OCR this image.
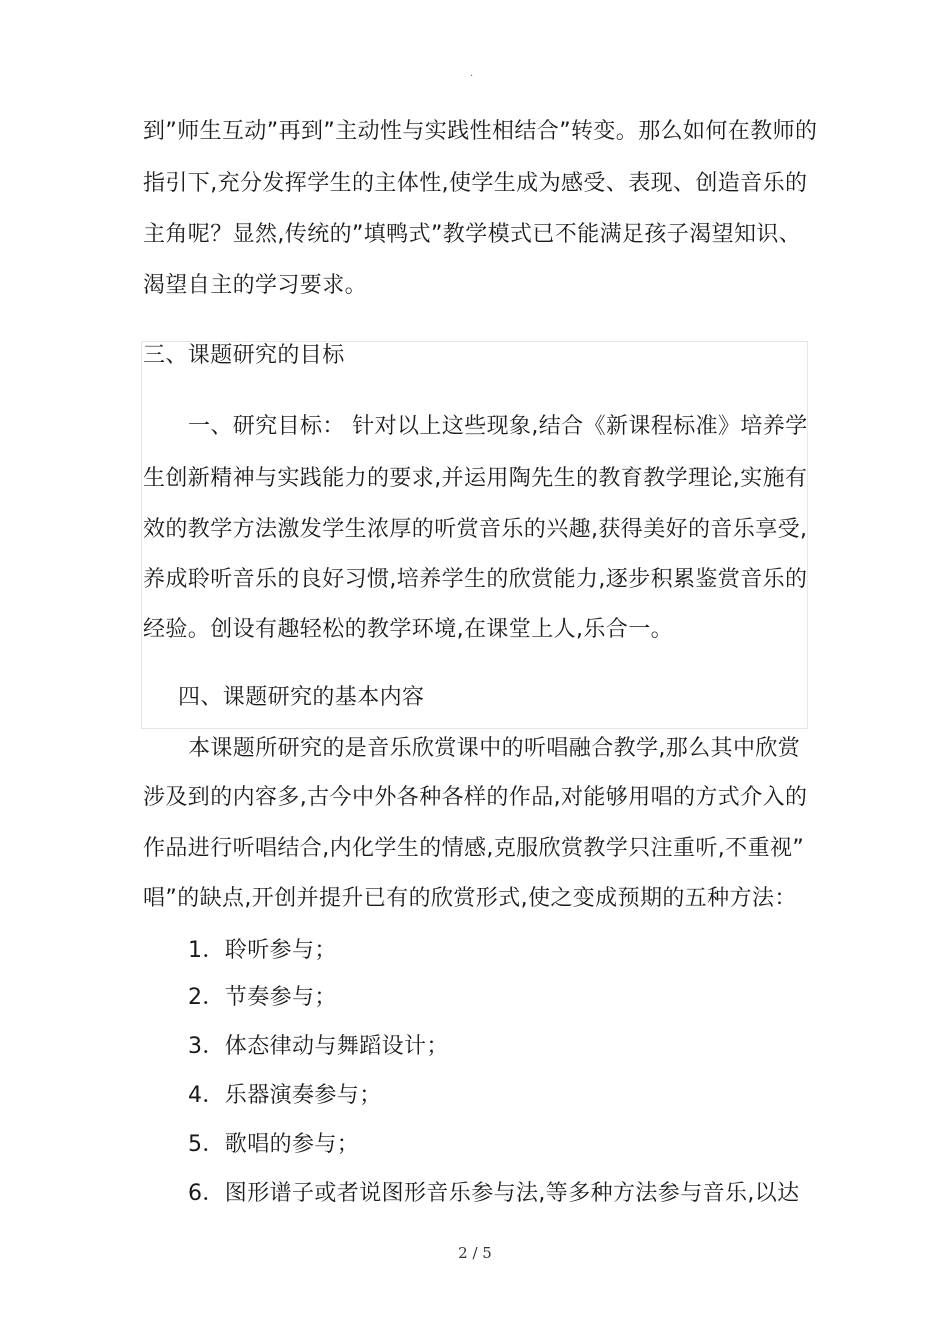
.
到”师生互动”再到”主动性与实践性相结合”转变。那么如何在教师的
指引下,充分发挥学生的主体性,使学生成为感受、表现、创造音乐的
主角呢？显然,传统的”填鸭式”教学模式已不能满足孩子渴望知识、
渴望自主的学习要求。
三、课题研究的目标
一、研究目标： 针对以上这些现象,结合《新课程标准》培养学
生创新精神与实践能力的要求,并运用陶先生的教育教学理论,实施有
效的教学方法激发学生浓厚的听赏音乐的兴趣,获得美好的音乐享受,
养成聆听音乐的良好习惯,培养学生的欣赏能力,逐步积累鉴赏音乐的
经验。创设有趣轻松的教学环境,在课堂上人,乐合一。
四、课题研究的基本内容
本课题所研究的是音乐欣赏课中的听唱融合教学,那么其中欣赏
涉及到的内容多,古今中外各种各样的作品,对能够用唱的方式介入的
作品进行听唱结合,内化学生的情感,克服欣赏教学只注重听,不重视”
唱”的缺点,开创并提升已有的欣赏形式,使之变成预期的五种方法：
1．聆听参与；
2．节奏参与；
3．体态律动与舞蹈设计；
4．乐器演奏参与；
5．歌唱的参与；
6．图形谱子或者说图形音乐参与法,等多种方法参与音乐,以达
2 / 5
